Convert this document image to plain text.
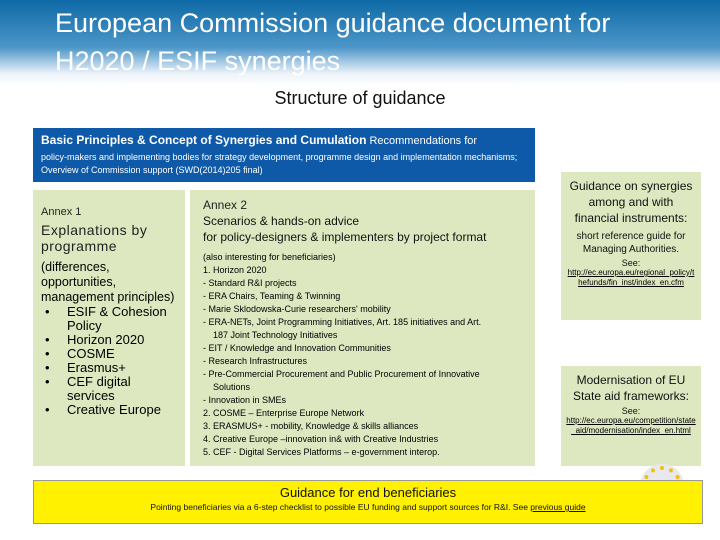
European Commission guidance document for H2020 / ESIF synergies
Structure of guidance
Basic Principles & Concept of Synergies and Cumulation Recommendations for
policy-makers and implementing bodies for strategy development, programme design and implementation mechanisms; Overview of Commission support (SWD(2014)205 final)
Annex 1
Explanations by programme
(differences, opportunities, management principles)
• ESIF & Cohesion Policy
• Horizon 2020
• COSME
• Erasmus+
• CEF digital services
• Creative Europe
Annex 2
Scenarios & hands-on advice
for policy-designers & implementers by project format
(also interesting for beneficiaries)
1. Horizon 2020
- Standard R&I projects
- ERA Chairs, Teaming & Twinning
- Marie Sklodowska-Curie researchers' mobility
- ERA-NETs, Joint Programming Initiatives, Art. 185 initiatives and Art.
187 Joint Technology Initiatives
- EIT / Knowledge and Innovation Communities
- Research Infrastructures
- Pre-Commercial Procurement and Public Procurement of Innovative
Solutions
- Innovation in SMEs
2. COSME – Enterprise Europe Network
3. ERASMUS+ - mobility, Knowledge & skills alliances
4. Creative Europe –innovation in& with Creative Industries
5. CEF - Digital Services Platforms – e-government interop.
Guidance on synergies among and with financial instruments:
short reference guide for Managing Authorities.
See:
http://ec.europa.eu/regional_policy/thefunds/fin_inst/index_en.cfm
Modernisation of EU State aid frameworks:
See:
http://ec.europa.eu/competition/state_aid/modernisation/index_en.html
Guidance for end beneficiaries
Pointing beneficiaries via a 6-step checklist to possible EU funding and support sources for R&I. See previous guide
